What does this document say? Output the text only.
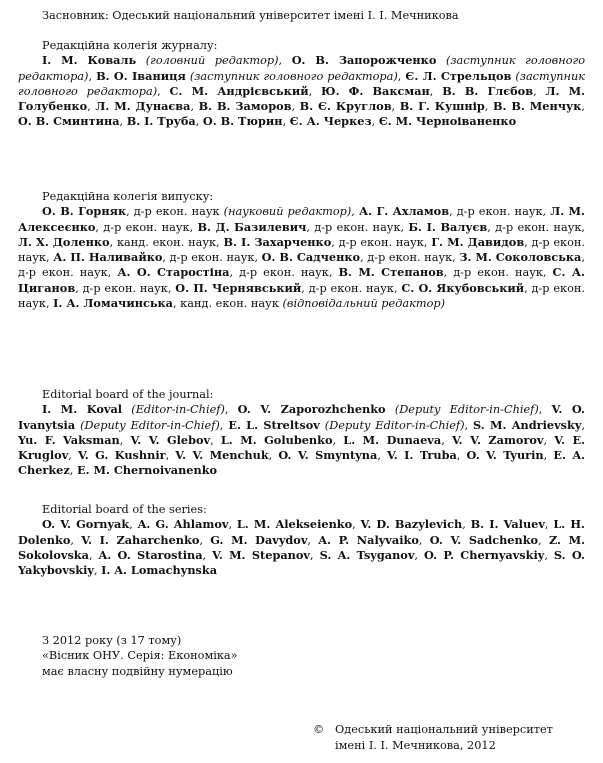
Засновник: Одеський національний університет імені І. І. Мечникова
Редакційна колегія журналу:
І. М. Коваль (головний редактор), О. В. Запорожченко (заступник головного редактора), В. О. Іваниця (заступник головного редактора), Є. Л. Стрельцов (заступник головного редактора), С. М. Андрієвський, Ю. Ф. Ваксман, В. В. Глєбов, Л. М. Голубенко, Л. М. Дунаєва, В. В. Заморов, В. Є. Круглов, В. Г. Кушнір, В. В. Менчук, О. В. Сминтина, В. І. Труба, О. В. Тюрин, Є. А. Черкез, Є. М. Черноіваненко
Редакційна колегія випуску:
О. В. Горняк, д-р екон. наук (науковий редактор), А. Г. Ахламов, д-р екон. наук, Л. М. Алексеєнко, д-р екон. наук, В. Д. Базилевич, д-р екон. наук, Б. І. Валуєв, д-р екон. наук, Л. Х. Доленко, канд. екон. наук, В. І. Захарченко, д-р екон. наук, Г. М. Давидов, д-р екон. наук, А. П. Наливайко, д-р екон. наук, О. В. Садченко, д-р екон. наук, З. М. Соколовська, д-р екон. наук, А. О. Старостіна, д-р екон. наук, В. М. Степанов, д-р екон. наук, С. А. Циганов, д-р екон. наук, О. П. Чернявський, д-р екон. наук, С. О. Якубовський, д-р екон. наук, І. А. Ломачинська, канд. екон. наук (відповідальний редактор)
Editorial board of the journal:
I. M. Koval (Editor-in-Chief), O. V. Zaporozhchenko (Deputy Editor-in-Chief), V. O. Ivanytsia (Deputy Editor-in-Chief), E. L. Streltsov (Deputy Editor-in-Chief), S. M. Andrievsky, Yu. F. Vaksman, V. V. Glebov, L. M. Golubenko, L. M. Dunaeva, V. V. Zamorov, V. E. Kruglov, V. G. Kushnir, V. V. Menchuk, O. V. Smyntyna, V. I. Truba, O. V. Tyurin, E. A. Cherkez, E. M. Chernoivanenko
Editorial board of the series:
O. V. Gornyak, A. G. Ahlamov, L. M. Alekseienko, V. D. Bazylevich, B. I. Valuev, L. H. Dolenko, V. I. Zaharchenko, G. M. Davydov, A. P. Nalyvaiko, O. V. Sadchenko, Z. M. Sokolovska, A. O. Starostina, V. M. Stepanov, S. A. Tsyganov, O. P. Chernyavskiy, S. O. Yakybovskiy, I. A. Lomachynska
З 2012 року (з 17 тому)
«Вісник ОНУ. Серія: Економіка»
має власну подвійну нумерацію
© Одеський національний університет
імені І. І. Мечникова, 2012
